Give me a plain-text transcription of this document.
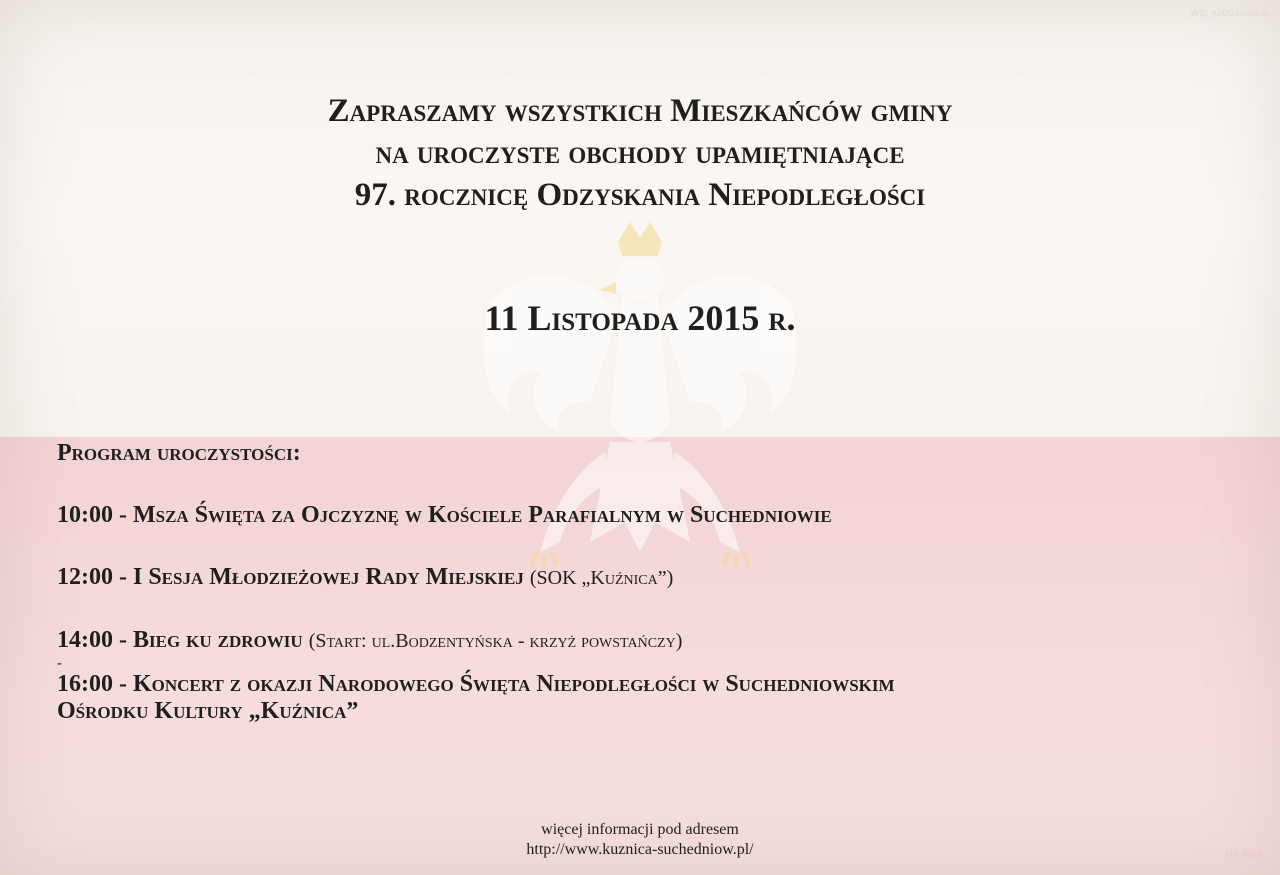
wp.ʞɹɐɯɹǝʇɐʍ
Zapraszamy wszystkich Mieszkańców gminy
na uroczyste obchody upamiętniające
97. rocznicę Odzyskania Niepodległości
11 Listopada 2015 r.
Program uroczystości:
10:00 - Msza Święta za Ojczyznę w Kościele Parafialnym w Suchedniowie
12:00 - I Sesja Młodzieżowej Rady Miejskiej (SOK „Kuźnica”)
14:00 - Bieg ku zdrowiu (Start: ul.Bodzentyńska - krzyż powstańczy)
-
16:00 - Koncert z okazji Narodowego Święta Niepodległości w Suchedniowskim
Ośrodku Kultury „Kuźnica”
więcej informacji pod adresem
http://www.kuznica-suchedniow.pl/	By Alex
